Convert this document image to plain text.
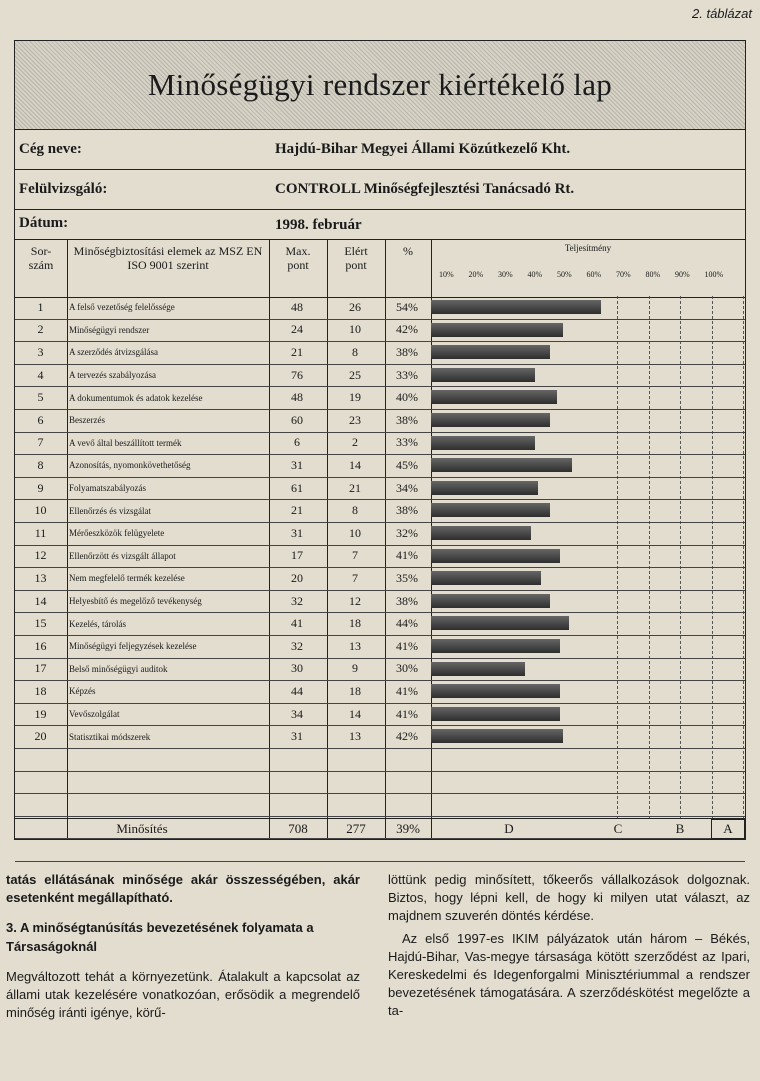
2. táblázat
Minőségügyi rendszer kiértékelő lap
Cég neve:	Hajdú-Bihar Megyei Állami Közútkezelő Kht.
Felülvizsgáló:	CONTROLL Minőségfejlesztési Tanácsadó Rt.
Dátum:	1998. február
Sor-
szám
Minőségbiztosítási elemek az MSZ EN ISO 9001 szerint
Max.
pont
Elért
pont
%	Teljesítmény
10% 20% 30% 40% 50% 60% 70% 80% 90% 100%
1	A felső vezetőség felelőssége	48	26	54%
2	Minőségügyi rendszer	24	10	42%
3	A szerződés átvizsgálása	21	8	38%
4	A tervezés szabályozása	76	25	33%
5	A dokumentumok és adatok kezelése	48	19	40%
6	Beszerzés	60	23	38%
7	A vevő által beszállított termék	6	2	33%
8	Azonosítás, nyomonkövethetőség	31	14	45%
9	Folyamatszabályozás	61	21	34%
10	Ellenőrzés és vizsgálat	21	8	38%
11	Mérőeszközök felügyelete	31	10	32%
12	Ellenőrzött és vizsgált állapot	17	7	41%
13	Nem megfelelő termék kezelése	20	7	35%
14	Helyesbítő és megelőző tevékenység	32	12	38%
15	Kezelés, tárolás	41	18	44%
16	Minőségügyi feljegyzések kezelése	32	13	41%
17	Belső minőségügyi auditok	30	9	30%
18	Képzés	44	18	41%
19	Vevőszolgálat	34	14	41%
20	Statisztikai módszerek	31	13	42%
Minősítés	708	277	39%	D	C	B	A

tatás ellátásának minősége akár összességében, akár esetenként megállapítható.

3. A minőségtanúsítás bevezetésének folyamata a Társaságoknál

Megváltozott tehát a környezetünk. Átalakult a kapcsolat az állami utak kezelésére vonatkozóan, erősödik a megrendelő minőség iránti igénye, körű-

löttünk pedig minősített, tőkeerős vállalkozások dolgoznak. Biztos, hogy lépni kell, de hogy ki milyen utat választ, az majdnem szuverén döntés kérdése.

Az első 1997-es IKIM pályázatok után három – Békés, Hajdú-Bihar, Vas-megye társasága kötött szerződést az Ipari, Kereskedelmi és Idegenforgalmi Minisztériummal a rendszer bevezetésének támogatására. A szerződéskötést megelőzte a ta-
